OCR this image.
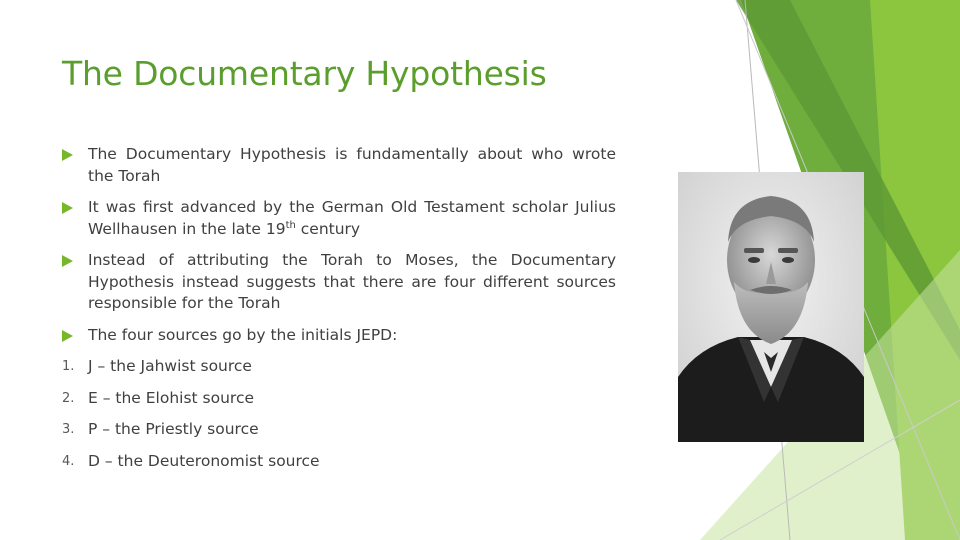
The Documentary Hypothesis
The Documentary Hypothesis is fundamentally about who wrote the Torah
It was first advanced by the German Old Testament scholar Julius Wellhausen in the late 19th century
Instead of attributing the Torah to Moses, the Documentary Hypothesis instead suggests that there are four different sources responsible for the Torah
The four sources go by the initials JEPD:
1. J – the Jahwist source
2. E – the Elohist source
3. P – the Priestly source
4. D – the Deuteronomist source
